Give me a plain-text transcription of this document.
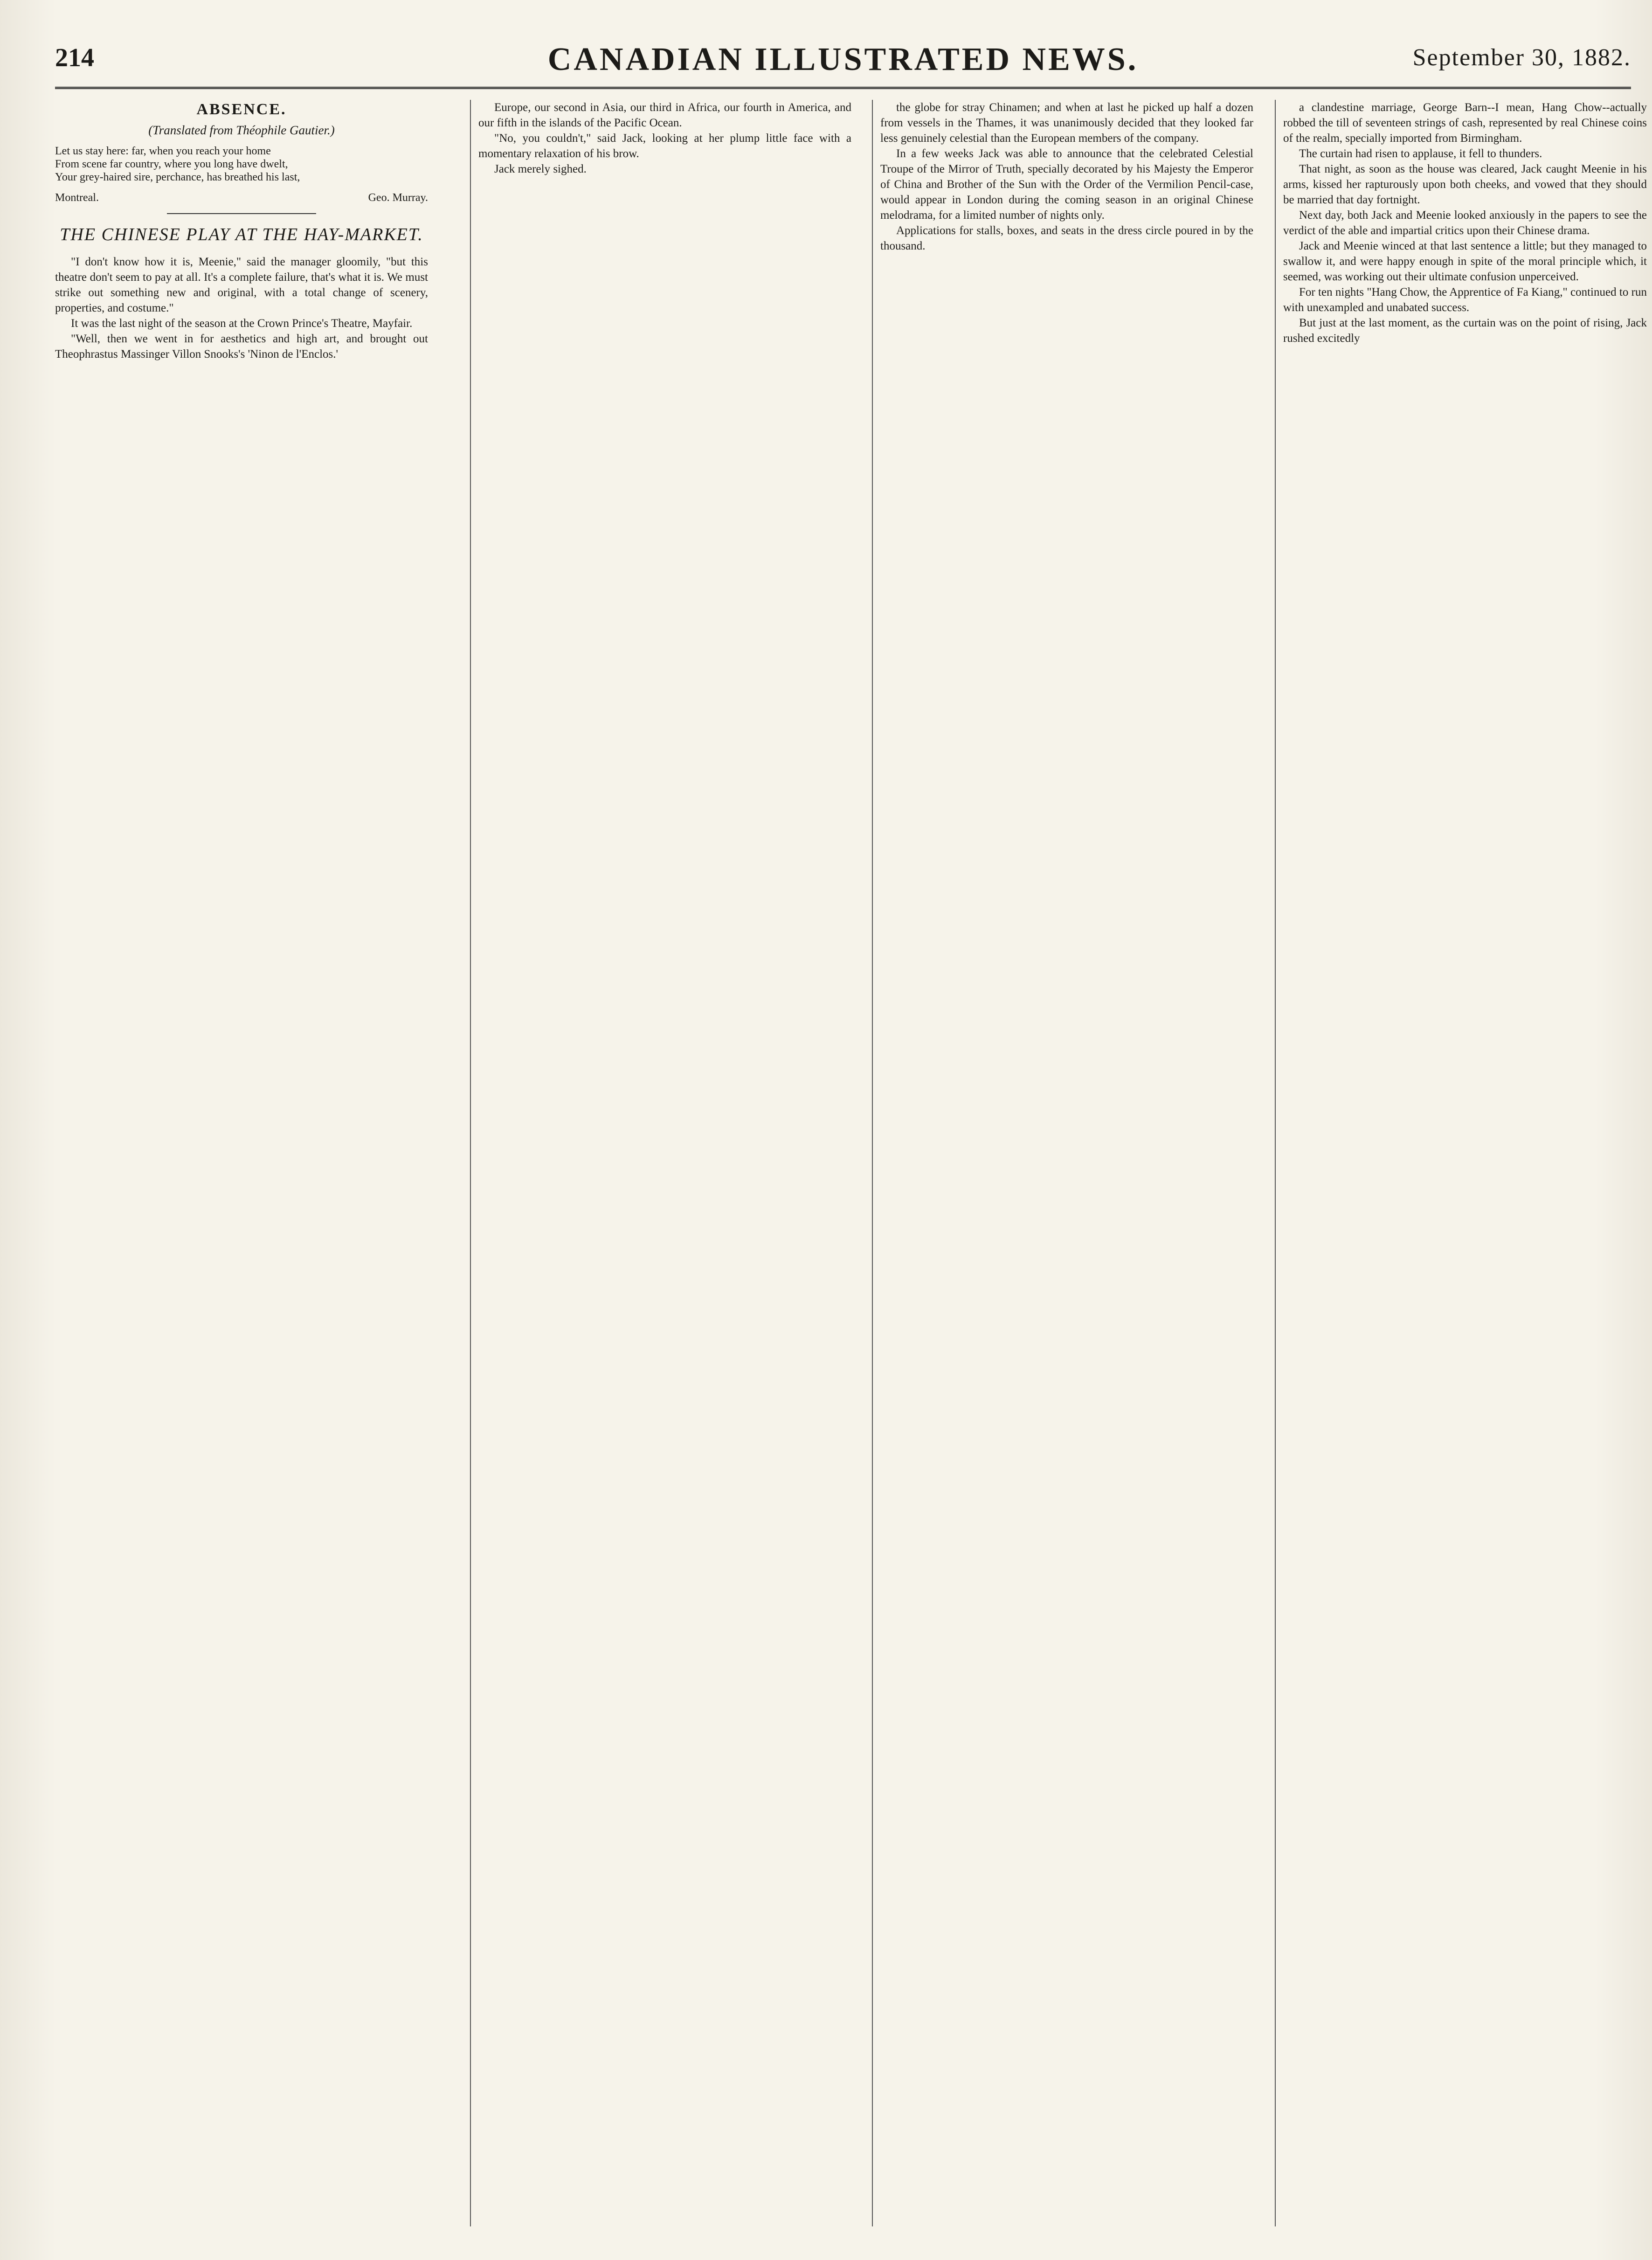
214	CANADIAN ILLUSTRATED NEWS.	September 30, 1882.
ABSENCE.
(Translated from Théophile Gautier.)

Let us stay here: far, when you reach your home

From scene far country, where you long have dwelt,

Your grey-haired sire, perchance, has breathed his last,

Montreal.	Geo. Murray.
THE CHINESE PLAY AT THE HAY-MARKET.

"I don't know how it is, Meenie," said the manager gloomily, "but this theatre don't seem to pay at all. It's a complete failure, that's what it is. We must strike out something new and original, with a total change of scenery, properties, and costume."

It was the last night of the season at the Crown Prince's Theatre, Mayfair.

"Well, then we went in for aesthetics and high art, and brought out Theophrastus Massinger Villon Snooks's 'Ninon de l'Enclos.'

Europe, our second in Asia, our third in Africa, our fourth in America, and our fifth in the islands of the Pacific Ocean.

"No, you couldn't," said Jack, looking at her plump little face with a momentary relaxation of his brow.

Jack merely sighed.

the globe for stray Chinamen; and when at last he picked up half a dozen from vessels in the Thames, it was unanimously decided that they looked far less genuinely celestial than the European members of the company.

In a few weeks Jack was able to announce that the celebrated Celestial Troupe of the Mirror of Truth, specially decorated by his Majesty the Emperor of China and Brother of the Sun with the Order of the Vermilion Pencil-case, would appear in London during the coming season in an original Chinese melodrama, for a limited number of nights only.

Applications for stalls, boxes, and seats in the dress circle poured in by the thousand.

a clandestine marriage, George Barn--I mean, Hang Chow--actually robbed the till of seventeen strings of cash, represented by real Chinese coins of the realm, specially imported from Birmingham.

The curtain had risen to applause, it fell to thunders.

That night, as soon as the house was cleared, Jack caught Meenie in his arms, kissed her rapturously upon both cheeks, and vowed that they should be married that day fortnight.

Next day, both Jack and Meenie looked anxiously in the papers to see the verdict of the able and impartial critics upon their Chinese drama.

Jack and Meenie winced at that last sentence a little; but they managed to swallow it, and were happy enough in spite of the moral principle which, it seemed, was working out their ultimate confusion unperceived.

For ten nights "Hang Chow, the Apprentice of Fa Kiang," continued to run with unexampled and unabated success.

But just at the last moment, as the curtain was on the point of rising, Jack rushed excitedly
